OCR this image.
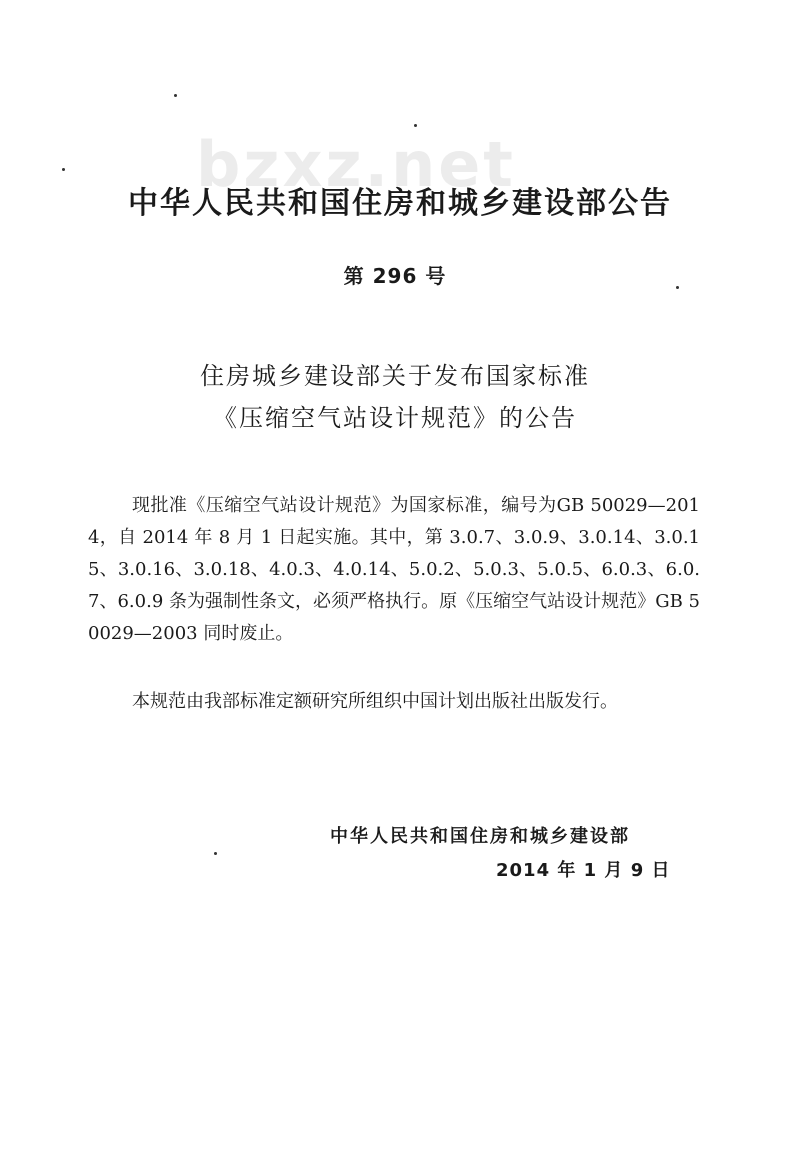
bzxz.net
中华人民共和国住房和城乡建设部公告
第 296 号
住房城乡建设部关于发布国家标准
《压缩空气站设计规范》的公告
现批准《压缩空气站设计规范》为国家标准，编号为GB 50029—2014，自 2014 年 8 月 1 日起实施。其中，第 3.0.7、3.0.9、3.0.14、3.0.15、3.0.16、3.0.18、4.0.3、4.0.14、5.0.2、5.0.3、5.0.5、6.0.3、6.0.7、6.0.9 条为强制性条文，必须严格执行。原《压缩空气站设计规范》GB 50029—2003 同时废止。
本规范由我部标准定额研究所组织中国计划出版社出版发行。
中华人民共和国住房和城乡建设部
2014 年 1 月 9 日
